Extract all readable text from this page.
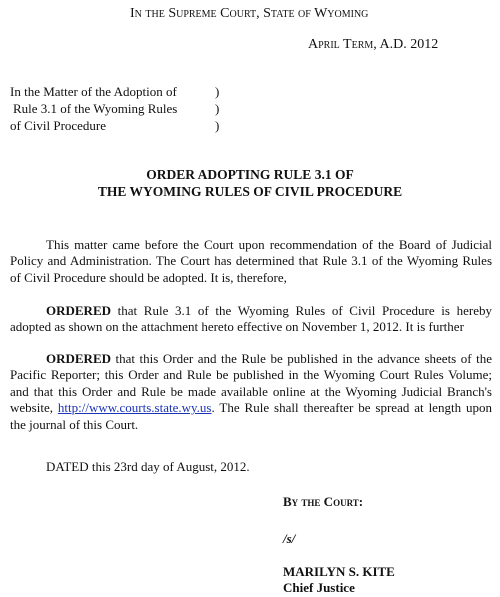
In the Supreme Court, State of Wyoming
April Term, A.D. 2012
In the Matter of the Adoption of
Rule 3.1 of the Wyoming Rules
of Civil Procedure
)
)
)
ORDER ADOPTING RULE 3.1 OF
THE WYOMING RULES OF CIVIL PROCEDURE
This matter came before the Court upon recommendation of the Board of Judicial Policy and Administration. The Court has determined that Rule 3.1 of the Wyoming Rules of Civil Procedure should be adopted. It is, therefore,
ORDERED that Rule 3.1 of the Wyoming Rules of Civil Procedure is hereby adopted as shown on the attachment hereto effective on November 1, 2012. It is further
ORDERED that this Order and the Rule be published in the advance sheets of the Pacific Reporter; this Order and Rule be published in the Wyoming Court Rules Volume; and that this Order and Rule be made available online at the Wyoming Judicial Branch's website, http://www.courts.state.wy.us. The Rule shall thereafter be spread at length upon the journal of this Court.
DATED this 23rd day of August, 2012.
By the Court:
/s/
MARILYN S. KITE
Chief Justice
